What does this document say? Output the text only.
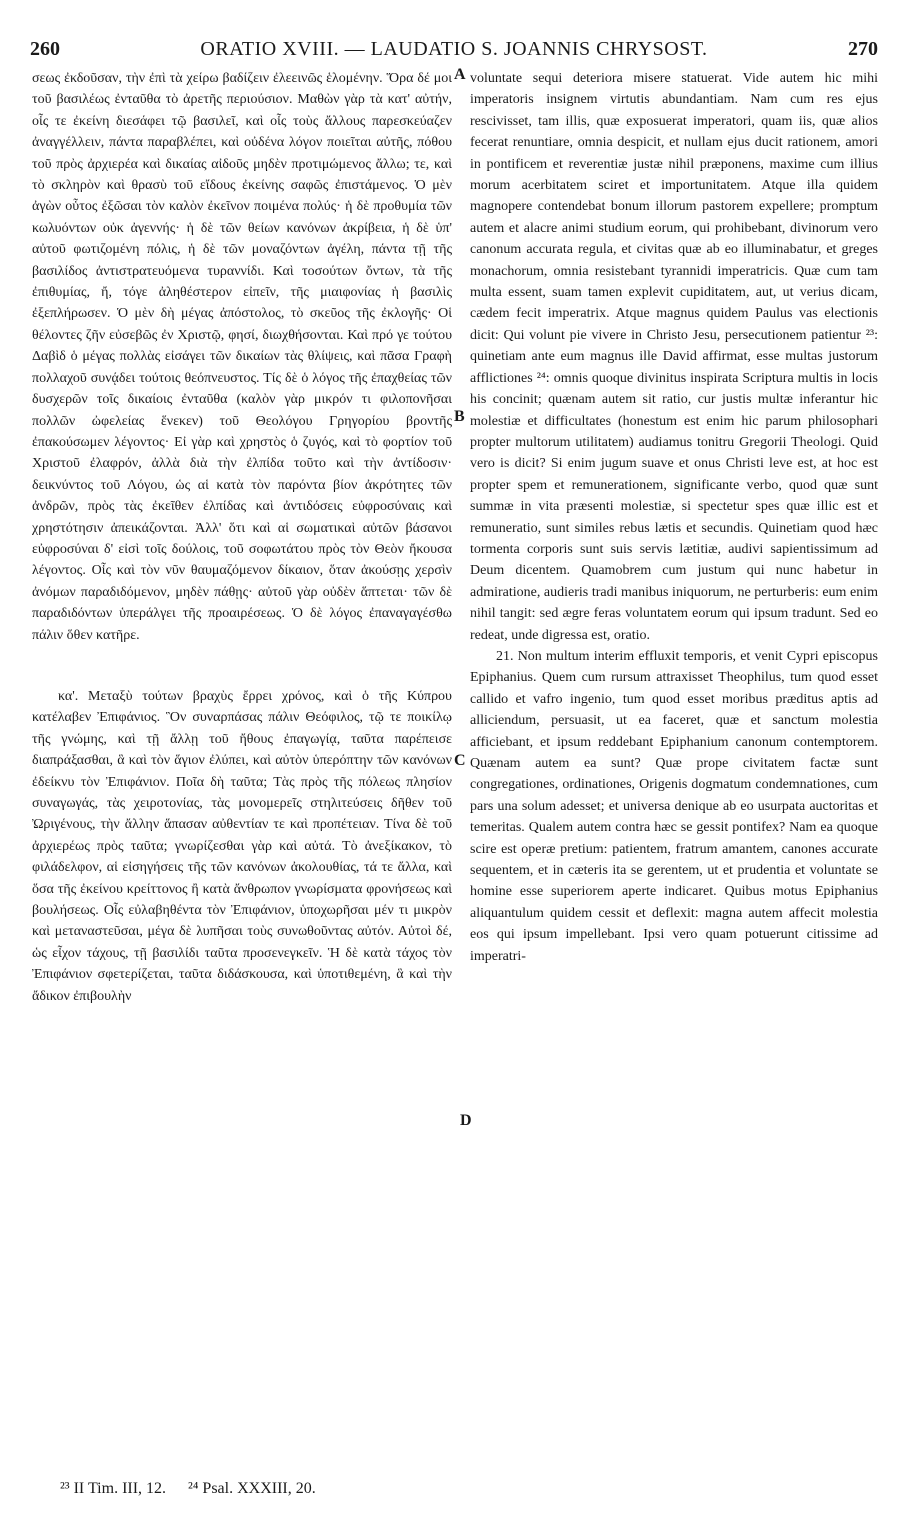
260	ORATIO XVIII. — LAUDATIO S. JOANNIS CHRYSOST.	270

σεως ἐκδοῦσαν, τὴν ἐπὶ τὰ χείρω βαδίζειν ἐλεεινῶς ἑλομένην. Ὅρα δέ μοι τοῦ βασιλέως ἐνταῦθα τὸ ἀρετῆς περιούσιον. Μαθὼν γὰρ τὰ κατ' αὐτήν, οἷς τε ἐκείνη διεσάφει τῷ βασιλεῖ, καὶ οἷς τοὺς ἄλλους παρεσκεύαζεν ἀναγγέλλειν, πάντα παραβλέπει, καὶ οὐδένα λόγον ποιεῖται αὐτῆς, πόθου τοῦ πρὸς ἀρχιερέα καὶ δικαίας αἰδοῦς μηδὲν προτιμώμενος ἄλλω; τε, καὶ τὸ σκληρὸν καὶ θρασὺ τοῦ εἴδους ἐκείνης σαφῶς ἐπιστάμενος. Ὁ μὲν ἀγὼν οὗτος ἐξῶσαι τὸν καλὸν ἐκεῖνον ποιμένα πολύς· ἡ δὲ προθυμία τῶν κωλυόντων οὐκ ἀγεννής· ἡ δὲ τῶν θείων κανόνων ἀκρίβεια, ἡ δὲ ὑπ' αὐτοῦ φωτιζομένη πόλις, ἡ δὲ τῶν μοναζόντων ἀγέλη, πάντα τῇ τῆς βασιλίδος ἀντιστρατευόμενα τυραννίδι. Καὶ τοσούτων ὄντων, τὰ τῆς ἐπιθυμίας, ἤ, τόγε ἀληθέστερον εἰπεῖν, τῆς μιαιφονίας ἡ βασιλὶς ἐξεπλήρωσεν. Ὁ μὲν δὴ μέγας ἀπόστολος, τὸ σκεῦος τῆς ἐκλογῆς· Οἱ θέλοντες ζῆν εὐσεβῶς ἐν Χριστῷ, φησί, διωχθήσονται. Καὶ πρό γε τούτου Δαβὶδ ὁ μέγας πολλὰς εἰσάγει τῶν δικαίων τὰς θλίψεις, καὶ πᾶσα Γραφὴ πολλαχοῦ συνᾴδει τούτοις θεόπνευστος. Τίς δὲ ὁ λόγος τῆς ἐπαχθείας τῶν δυσχερῶν τοῖς δικαίοις ἐνταῦθα (καλὸν γὰρ μικρόν τι φιλοπονῆσαι πολλῶν ὠφελείας ἕνεκεν) τοῦ Θεολόγου Γρηγορίου βροντῆς ἐπακούσωμεν λέγοντος· Εἰ γὰρ καὶ χρηστὸς ὁ ζυγός, καὶ τὸ φορτίον τοῦ Χριστοῦ ἐλαφρόν, ἀλλὰ διὰ τὴν ἐλπίδα τοῦτο καὶ τὴν ἀντίδοσιν· δεικνύντος τοῦ Λόγου, ὡς αἱ κατὰ τὸν παρόντα βίον ἀκρότητες τῶν ἀνδρῶν, πρὸς τὰς ἐκεῖθεν ἐλπίδας καὶ ἀντιδόσεις εὐφροσύναις καὶ χρηστότησιν ἀπεικάζονται. Ἀλλ' ὅτι καὶ αἱ σωματικαὶ αὐτῶν βάσανοι εὐφροσύναι δ' εἰσὶ τοῖς δούλοις, τοῦ σοφωτάτου πρὸς τὸν Θεὸν ἤκουσα λέγοντος. Οἷς καὶ τὸν νῦν θαυμαζόμενον δίκαιον, ὅταν ἀκούσῃς χερσὶν ἀνόμων παραδιδόμενον, μηδὲν πάθῃς· αὐτοῦ γὰρ οὐδὲν ἅπτεται· τῶν δὲ παραδιδόντων ὑπεράλγει τῆς προαιρέσεως. Ὁ δὲ λόγος ἐπαναγαγέσθω πάλιν ὅθεν κατῆρε.

κα'. Μεταξὺ τούτων βραχὺς ἔρρει χρόνος, καὶ ὁ τῆς Κύπρου κατέλαβεν Ἐπιφάνιος. Ὃν συναρπάσας πάλιν Θεόφιλος, τῷ τε ποικίλῳ τῆς γνώμης, καὶ τῇ ἄλλῃ τοῦ ἤθους ἐπαγωγίᾳ, ταῦτα παρέπεισε διαπράξασθαι, ἃ καὶ τὸν ἅγιον ἐλύπει, καὶ αὐτὸν ὑπερόπτην τῶν κανόνων ἐδείκνυ τὸν Ἐπιφάνιον. Ποῖα δὴ ταῦτα; Τὰς πρὸς τῆς πόλεως πλησίον συναγωγάς, τὰς χειροτονίας, τὰς μονομερεῖς στηλιτεύσεις δῆθεν τοῦ Ὠριγένους, τὴν ἄλλην ἅπασαν αὐθεντίαν τε καὶ προπέτειαν. Τίνα δὲ τοῦ ἀρχιερέως πρὸς ταῦτα; γνωρίζεσθαι γὰρ καὶ αὐτά. Τὸ ἀνεξίκακον, τὸ φιλάδελφον, αἱ εἰσηγήσεις τῆς τῶν κανόνων ἀκολουθίας, τά τε ἄλλα, καὶ ὅσα τῆς ἐκείνου κρείττονος ἢ κατὰ ἄνθρωπον γνωρίσματα φρονήσεως καὶ βουλήσεως. Οἷς εὐλαβηθέντα τὸν Ἐπιφάνιον, ὑποχωρῆσαι μέν τι μικρὸν καὶ μεταναστεῦσαι, μέγα δὲ λυπῆσαι τοὺς συνωθοῦντας αὐτόν. Αὐτοὶ δέ, ὡς εἶχον τάχους, τῇ βασιλίδι ταῦτα προσενεγκεῖν. Ἡ δὲ κατὰ τάχος τὸν Ἐπιφάνιον σφετερίζεται, ταῦτα διδάσκουσα, καὶ ὑποτιθεμένη, ἃ καὶ τὴν ἄδικον ἐπιβουλὴν

voluntate sequi deteriora misere statuerat. Vide autem hic mihi imperatoris insignem virtutis abundantiam. Nam cum res ejus rescivisset, tam illis, quæ exposuerat imperatori, quam iis, quæ alios fecerat renuntiare, omnia despicit, et nullam ejus ducit rationem, amori in pontificem et reverentiæ justæ nihil præponens, maxime cum illius morum acerbitatem sciret et importunitatem. Atque illa quidem magnopere contendebat bonum illorum pastorem expellere; promptum autem et alacre animi studium eorum, qui prohibebant, divinorum vero canonum accurata regula, et civitas quæ ab eo illuminabatur, et greges monachorum, omnia resistebant tyrannidi imperatricis. Quæ cum tam multa essent, suam tamen explevit cupiditatem, aut, ut verius dicam, cædem fecit imperatrix. Atque magnus quidem Paulus vas electionis dicit: Qui volunt pie vivere in Christo Jesu, persecutionem patientur ²³: quinetiam ante eum magnus ille David affirmat, esse multas justorum afflictiones ²⁴: omnis quoque divinitus inspirata Scriptura multis in locis his concinit; quænam autem sit ratio, cur justis multæ inferantur hic molestiæ et difficultates (honestum est enim hic parum philosophari propter multorum utilitatem) audiamus tonitru Gregorii Theologi. Quid vero is dicit? Si enim jugum suave et onus Christi leve est, at hoc est propter spem et remunerationem, significante verbo, quod quæ sunt summæ in vita præsenti molestiæ, si spectetur spes quæ illic est et remuneratio, sunt similes rebus lætis et secundis. Quinetiam quod hæc tormenta corporis sunt suis servis lætitiæ, audivi sapientissimum ad Deum dicentem. Quamobrem cum justum qui nunc habetur in admiratione, audieris tradi manibus iniquorum, ne perturberis: eum enim nihil tangit: sed ægre feras voluntatem eorum qui ipsum tradunt. Sed eo redeat, unde digressa est, oratio.

21. Non multum interim effluxit temporis, et venit Cypri episcopus Epiphanius. Quem cum rursum attraxisset Theophilus, tum quod esset callido et vafro ingenio, tum quod esset moribus præditus aptis ad alliciendum, persuasit, ut ea faceret, quæ et sanctum molestia afficiebant, et ipsum reddebant Epiphanium canonum contemptorem. Quænam autem ea sunt? Quæ prope civitatem factæ sunt congregationes, ordinationes, Origenis dogmatum condemnationes, cum pars una solum adesset; et universa denique ab eo usurpata auctoritas et temeritas. Qualem autem contra hæc se gessit pontifex? Nam ea quoque scire est operæ pretium: patientem, fratrum amantem, canones accurate sequentem, et in cæteris ita se gerentem, ut et prudentia et voluntate se homine esse superiorem aperte indicaret. Quibus motus Epiphanius aliquantulum quidem cessit et deflexit: magna autem affecit molestia eos qui ipsum impellebant. Ipsi vero quam potuerunt citissime ad imperatri-

A
B
C
D
²³ II Tim. III, 12. ²⁴ Psal. XXXIII, 20.
